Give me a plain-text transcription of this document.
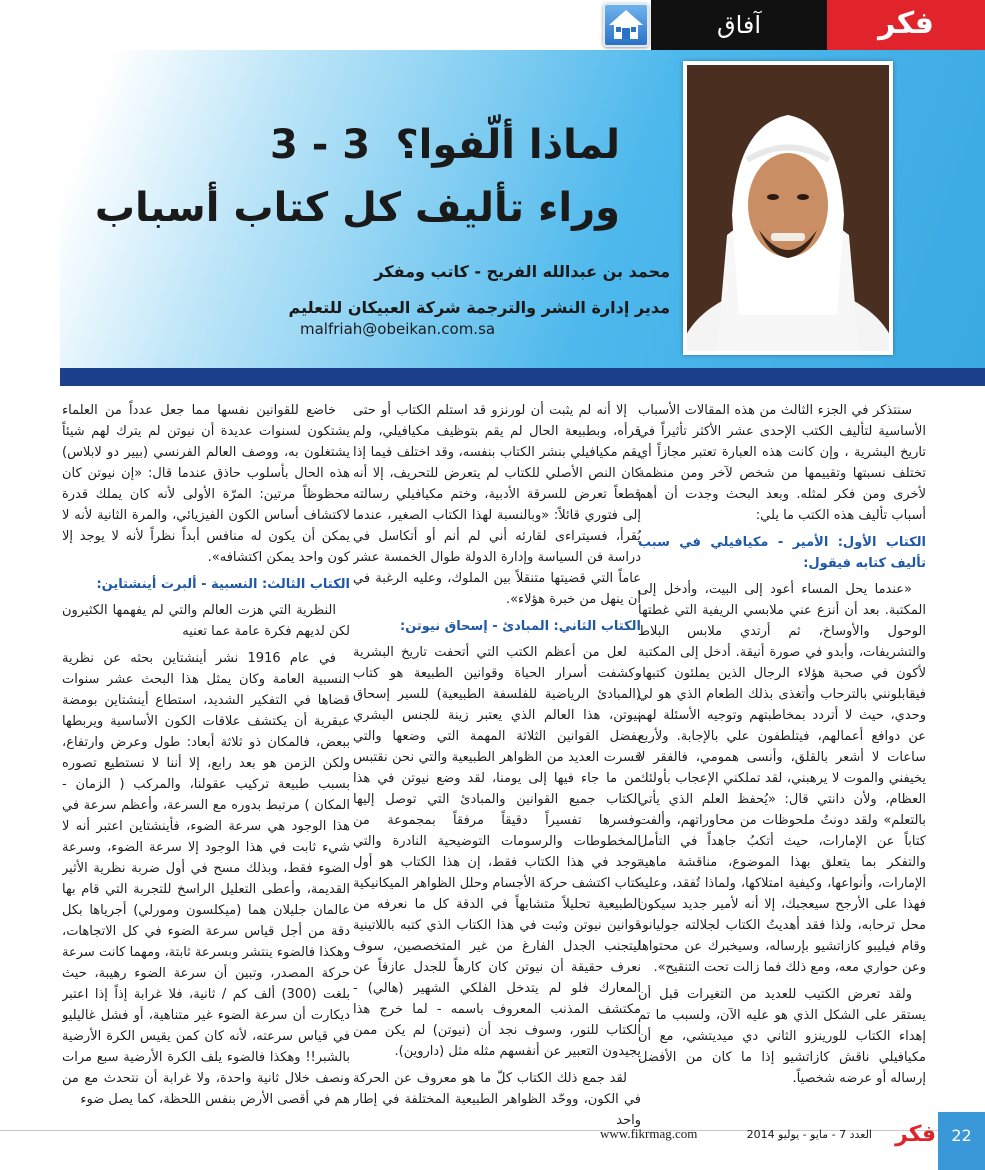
فكر
آفاق
لماذا ألّفوا؟
3 - 3
وراء تأليف كل كتاب أسباب
محمد بن عبدالله الفريح - كاتب ومفكر
مدير إدارة النشر والترجمة شركة العبيكان للتعليم
malfriah@obeikan.com.sa

سنتذكر في الجزء الثالث من هذه المقالات الأسباب الأساسية لتأليف الكتب الإحدى عشر الأكثر تأثيراً في تاريخ البشرية ، وإن كانت هذه العبارة تعتبر مجازاً أي تختلف نسبتها وتقييمها من شخص لآخر ومن منظمة لأخرى ومن فكر لمثله. وبعد البحث وجدت أن أهم أسباب تأليف هذه الكتب ما يلي:

الكتاب الأول: الأمير - مكيافيلي في سبب تأليف كتابه فيقول:

«عندما يحل المساء أعود إلى البيت، وأدخل إلى المكتبة. بعد أن أنزع عني ملابسي الريفية التي غطتها الوحول والأوساخ، ثم أرتدي ملابس البلاط والتشريفات، وأبدو في صورة أنيقة. أدخل إلى المكتبة لأكون في صحبة هؤلاء الرجال الذين يملئون كتبها، فيقابلونني بالترحاب وأتغذى بذلك الطعام الذي هو لي وحدي، حيث لا أتردد بمخاطبتهم وتوجيه الأسئلة لهم عن دوافع أعمالهم، فيتلطفون علي بالإجابة. ولأربع ساعات لا أشعر بالقلق، وأنسى همومي، فالفقر لا يخيفني والموت لا يرهبني، لقد تملكني الإعجاب بأولئك العظام، ولأن دانتي قال: «يُحفظ العلم الذي يأتي بالتعلم» ولقد دونتُ ملحوظات من محاوراتهم، وألفت كتاباً عن الإمارات، حيث أتكبُ جاهداً في التأمل والتفكر بما يتعلق بهذا الموضوع، مناقشة ماهية الإمارات، وأنواعها، وكيفية امتلاكها، ولماذا تُفقد، وعليه فهذا على الأرجح سيعجبك، إلا أنه لأمير جديد سيكون محل ترحابه، ولذا فقد أهديتُ الكتاب لجلالته جوليانو، وقام فيليبو كازاتشيو بإرساله، وسيخبرك عن محتواها وعن حواري معه، ومع ذلك فما زالت تحت التنقيح».

ولقد تعرض الكتيب للعديد من التغيرات قبل أن يستقر على الشكل الذي هو عليه الآن، ولسبب ما تم إهداء الكتاب للورينزو الثاني دي ميديتشي، مع أن مكيافيلي ناقش كازاتشيو إذا ما كان من الأفضل إرساله أو عرضه شخصياً.

إلا أنه لم يثبت أن لورنزو قد استلم الكتاب أو حتى قرأه، وبطبيعة الحال لم يقم بتوظيف مكيافيلي، ولم يقم مكيافيلي بنشر الكتاب بنفسه، وقد اختلف فيما إذا كان النص الأصلي للكتاب لم يتعرض للتحريف، إلا أنه قطعاً تعرض للسرقة الأدبية، وختم مكيافيلي رسالته إلى فتوري قائلاً: «وبالنسبة لهذا الكتاب الصغير، عندما يُقرأ، فسيتراءى لقارئه أني لم أنم أو أتكاسل في دراسة فن السياسة وإدارة الدولة طوال الخمسة عشر عاماً التي قضيتها متنقلاً بين الملوك، وعليه الرغبة في أن ينهل من خبرة هؤلاء».

الكتاب الثاني: المبادئ - إسحاق نيوتن:

لعل من أعظم الكتب التي أتحفت تاريخ البشرية وكشفت أسرار الحياة وقوانين الطبيعة هو كتاب (المبادئ الرياضية للفلسفة الطبيعية) للسير إسحاق نيوتن، هذا العالم الذي يعتبر زينة للجنس البشري بفضل القوانين الثلاثة المهمة التي وضعها والتي فسرت العديد من الظواهر الطبيعية والتي نحن نقتبس من ما جاء فيها إلى يومنا، لقد وضع نيوتن في هذا الكتاب جميع القوانين والمبادئ التي توصل إليها وفسرها تفسيراً دقيقاً مرفقاً بمجموعة من المخطوطات والرسومات التوضيحية النادرة والتي توجد في هذا الكتاب فقط، إن هذا الكتاب هو أول كتاب اكتشف حركة الأجسام وحلل الظواهر الميكانيكية الطبيعية تحليلاً متشابهاً في الدقة كل ما نعرفه من قوانين نيوتن وثبت في هذا الكتاب الذي كتبه باللاتينية ليتجنب الجدل الفارغ من غير المتخصصين، سوف نعرف حقيقة أن نيوتن كان كارهاً للجدل عازفاً عن المعارك فلو لم يتدخل الفلكي الشهير (هالي) - مكتشف المذنب المعروف باسمه - لما خرج هذا الكتاب للنور، وسوف نجد أن (نيوتن) لم يكن ممن يجيدون التعبير عن أنفسهم مثله مثل (داروين).

لقد جمع ذلك الكتاب كلّ ما هو معروف عن الحركة في الكون، ووحّد الظواهر الطبيعية المختلفة في إطار واحد

خاضع للقوانين نفسها مما جعل عدداً من العلماء يشتكون لسنوات عديدة أن نيوتن لم يترك لهم شيئاً يشتغلون به، ووصف العالم الفرنسي (بيير دو لابلاس) هذه الحال بأسلوب حاذق عندما قال: «إن نيوتن كان محظوظاً مرتين: المرّة الأولى لأنه كان يملك قدرة لاكتشاف أساس الكون الفيزيائي، والمرة الثانية لأنه لا يمكن أن يكون له منافس أبداً نظراً لأنه لا يوجد إلا كون واحد يمكن اكتشافه».

الكتاب الثالث: النسبية - ألبرت أينشتاين:

النظرية التي هزت العالم والتي لم يفهمها الكثيرون لكن لديهم فكرة عامة عما تعنيه

في عام 1916 نشر أينشتاين بحثه عن نظرية النسبية العامة وكان يمثل هذا البحث عشر سنوات قضاها في التفكير الشديد، استطاع أينشتاين بومضة عبقرية أن يكتشف علاقات الكون الأساسية ويربطها ببعض، فالمكان ذو ثلاثة أبعاد: طول وعرض وارتفاع، ولكن الزمن هو بعد رابع، إلا أننا لا نستطيع تصوره بسبب طبيعة تركيب عقولنا، والمركب ( الزمان - المكان ) مرتبط بدوره مع السرعة، وأعظم سرعة في هذا الوجود هي سرعة الضوء، فأينشتاين اعتبر أنه لا شيء ثابت في هذا الوجود إلا سرعة الضوء، وسرعة الضوء فقط، وبذلك مسح في أول ضربة نظرية الأثير القديمة، وأعطى التعليل الراسخ للتجربة التي قام بها عالمان جليلان هما (ميكلسون ومورلي) أجرياها بكل دقة من أجل قياس سرعة الضوء في كل الاتجاهات، وهكذا فالضوء ينتشر وبسرعة ثابتة، ومهما كانت سرعة حركة المصدر، وتبين أن سرعة الضوء رهيبة، حيث بلغت (300) ألف كم / ثانية، فلا غرابة إذاً إذا اعتبر ديكارت أن سرعة الضوء غير متناهية، أو فشل غاليليو في قياس سرعته، لأنه كان كمن يقيس الكرة الأرضية بالشبر!! وهكذا فالضوء يلف الكرة الأرضية سبع مرات ونصف خلال ثانية واحدة، ولا غرابة أن نتحدث مع من هم في أقصى الأرض بنفس اللحظة، كما يصل ضوء

www.fikrmag.com	العدد 7 - مايو - يوليو 2014	فكر 22
